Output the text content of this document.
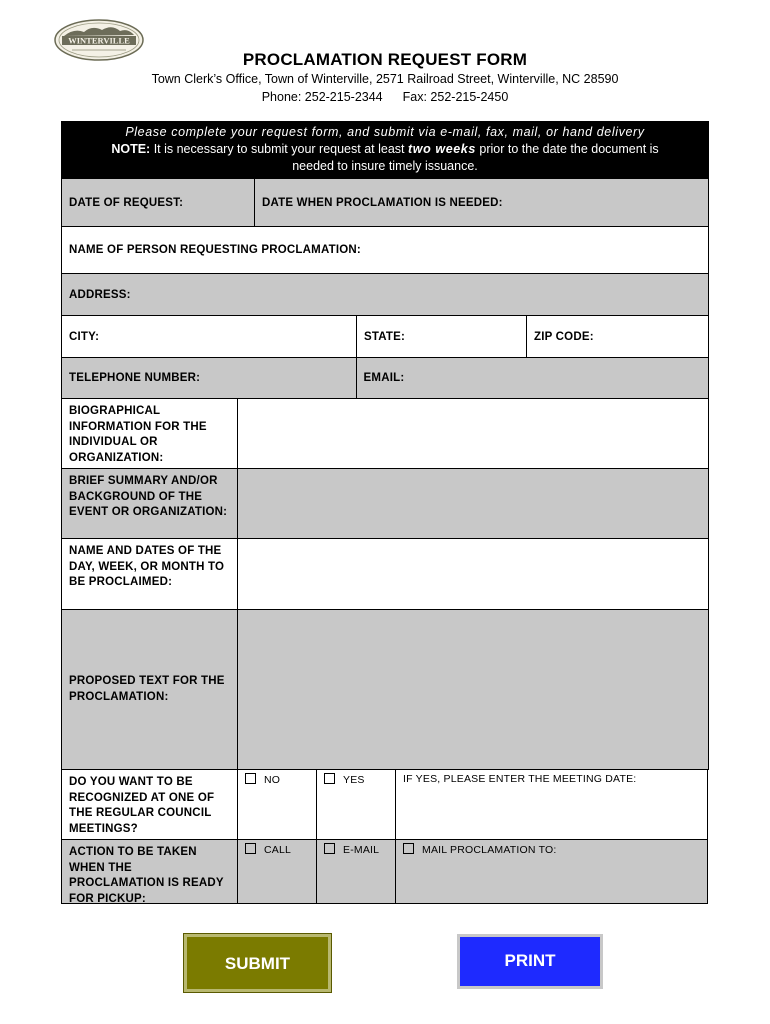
WINTERVILLE
PROCLAMATION REQUEST FORM
Town Clerk’s Office, Town of Winterville, 2571 Railroad Street, Winterville, NC 28590
Phone: 252-215-2344 Fax: 252-215-2450
Please complete your request form, and submit via e-mail, fax, mail, or hand delivery
NOTE: It is necessary to submit your request at least two weeks prior to the date the document is
needed to insure timely issuance.
DATE OF REQUEST:	DATE WHEN PROCLAMATION IS NEEDED:
NAME OF PERSON REQUESTING PROCLAMATION:
ADDRESS:
CITY:	STATE:	ZIP CODE:
TELEPHONE NUMBER:	EMAIL:
BIOGRAPHICAL INFORMATION FOR THE INDIVIDUAL OR ORGANIZATION:
BRIEF SUMMARY AND/OR BACKGROUND OF THE EVENT OR ORGANIZATION:
NAME AND DATES OF THE DAY, WEEK, OR MONTH TO BE PROCLAIMED:
PROPOSED TEXT FOR THE PROCLAMATION:
DO YOU WANT TO BE RECOGNIZED AT ONE OF THE REGULAR COUNCIL MEETINGS?
NO	YES	IF YES, PLEASE ENTER THE MEETING DATE:
ACTION TO BE TAKEN WHEN THE PROCLAMATION IS READY FOR PICKUP:
CALL	E-MAIL	MAIL PROCLAMATION TO:
SUBMIT	PRINT
